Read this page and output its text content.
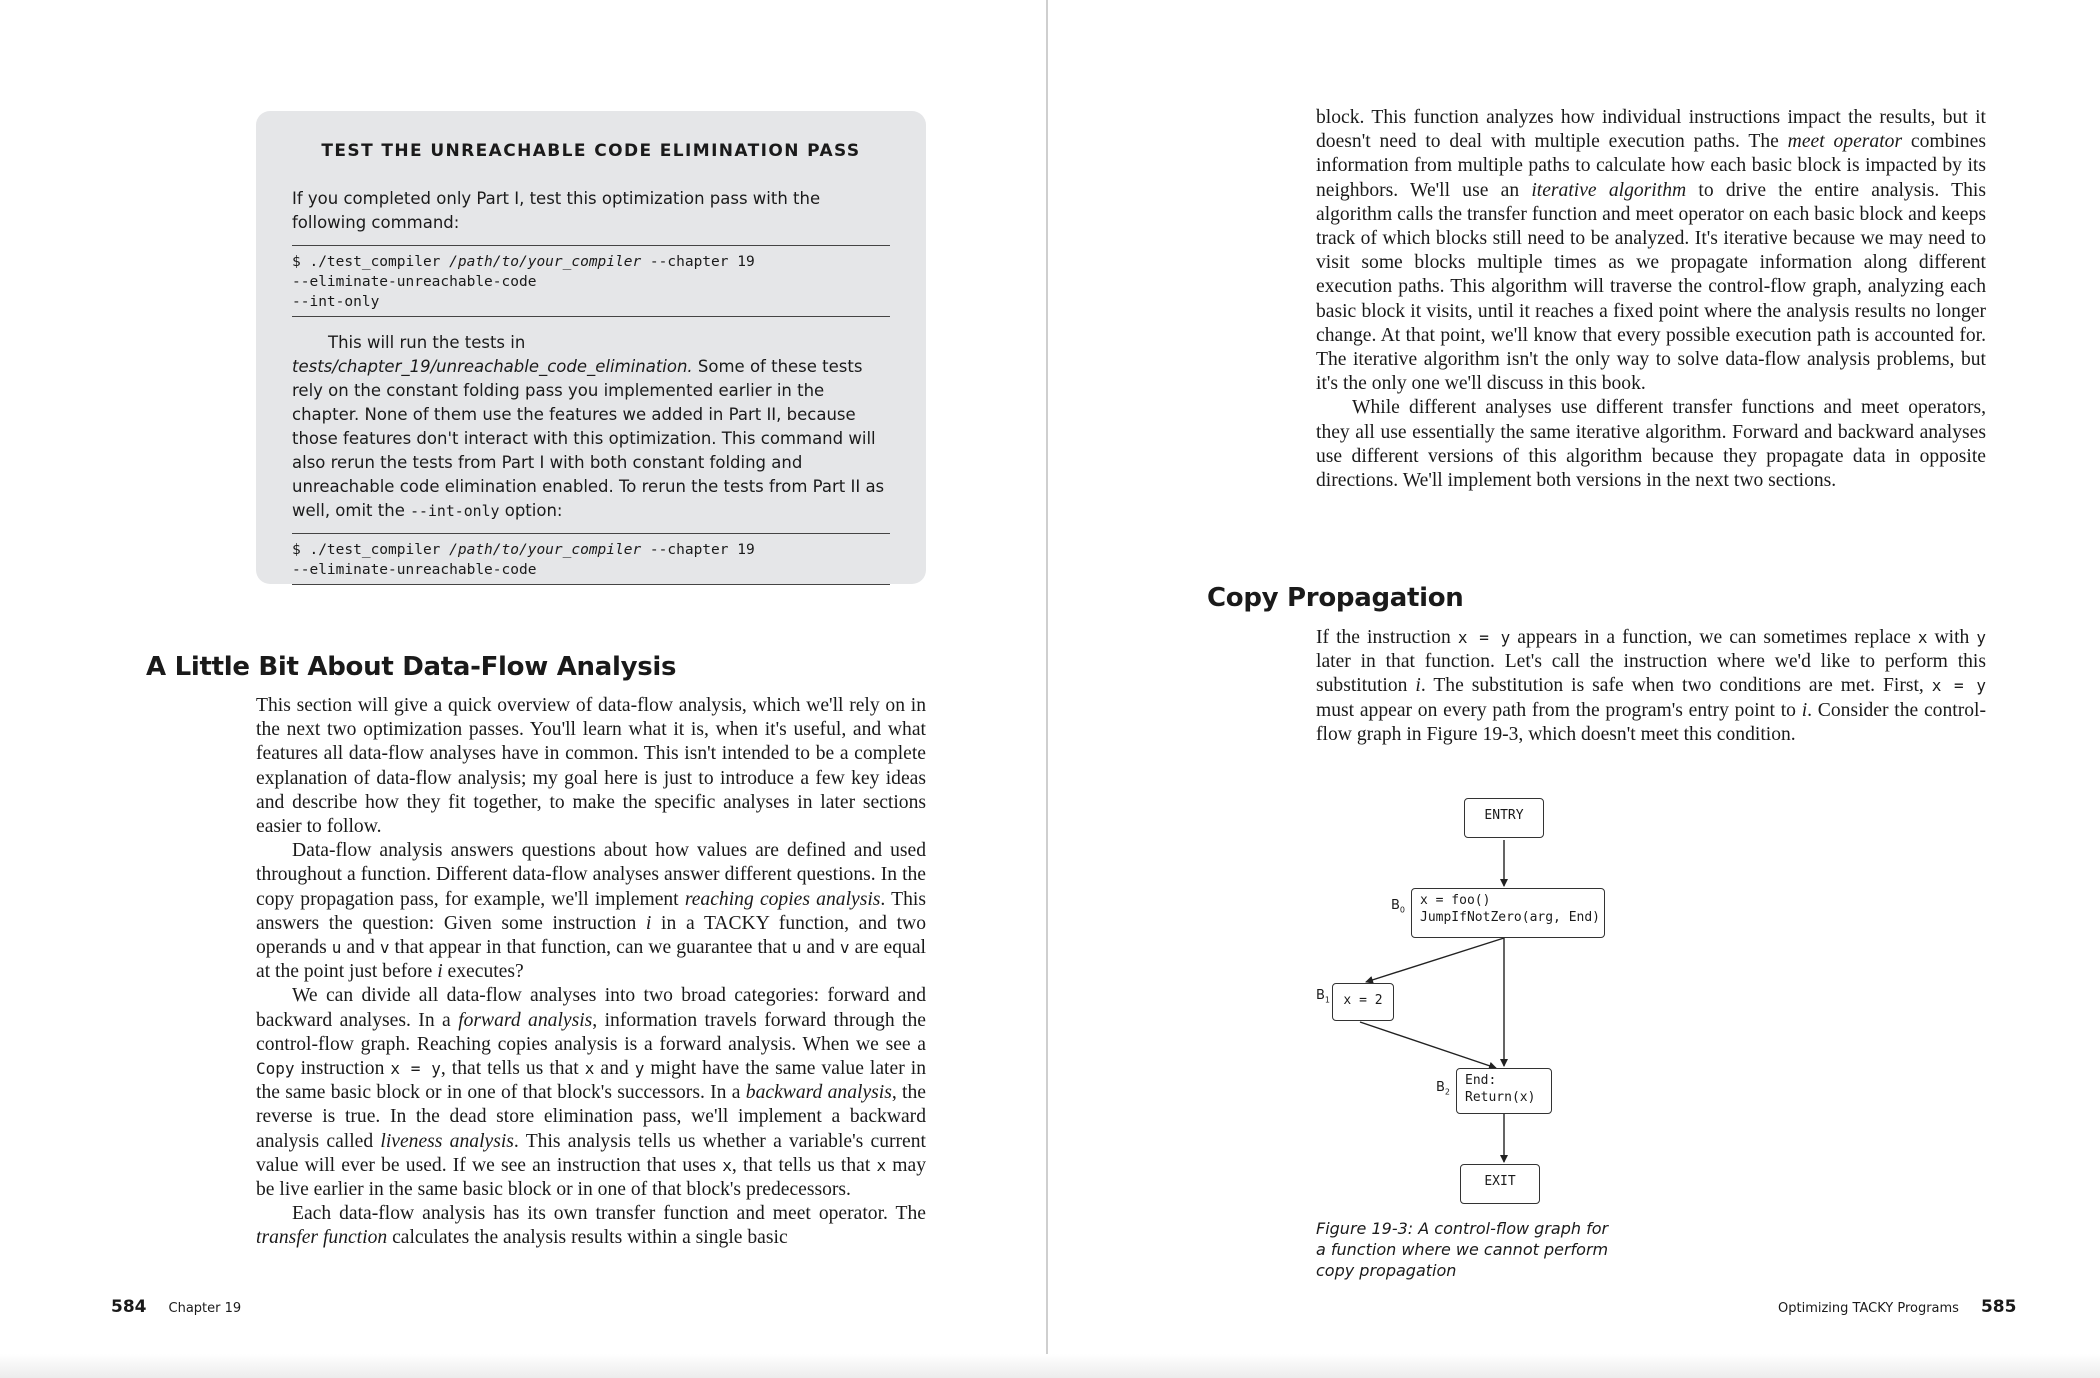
TEST THE UNREACHABLE CODE ELIMINATION PASS

If you completed only Part I, test this optimization pass with the following command:

$ ./test_compiler /path/to/your_compiler --chapter 19
--eliminate-unreachable-code
--int-only

This will run the tests in tests/chapter_19/unreachable_code_elimination. Some of these tests rely on the constant folding pass you implemented earlier in the chapter. None of them use the features we added in Part II, because those features don't interact with this optimization. This command will also rerun the tests from Part I with both constant folding and unreachable code elimination enabled. To rerun the tests from Part II as well, omit the --int-only option:

$ ./test_compiler /path/to/your_compiler --chapter 19
--eliminate-unreachable-code
A Little Bit About Data-Flow Analysis

This section will give a quick overview of data-flow analysis, which we'll rely on in the next two optimization passes. You'll learn what it is, when it's useful, and what features all data-flow analyses have in common. This isn't intended to be a complete explanation of data-flow analysis; my goal here is just to introduce a few key ideas and describe how they fit together, to make the specific analyses in later sections easier to follow.

Data-flow analysis answers questions about how values are defined and used throughout a function. Different data-flow analyses answer different questions. In the copy propagation pass, for example, we'll implement reaching copies analysis. This answers the question: Given some instruction i in a TACKY function, and two operands u and v that appear in that function, can we guarantee that u and v are equal at the point just before i executes?

We can divide all data-flow analyses into two broad categories: forward and backward analyses. In a forward analysis, information travels forward through the control-flow graph. Reaching copies analysis is a forward analysis. When we see a Copy instruction x = y, that tells us that x and y might have the same value later in the same basic block or in one of that block's successors. In a backward analysis, the reverse is true. In the dead store elimination pass, we'll implement a backward analysis called liveness analysis. This analysis tells us whether a variable's current value will ever be used. If we see an instruction that uses x, that tells us that x may be live earlier in the same basic block or in one of that block's predecessors.

Each data-flow analysis has its own transfer function and meet operator. The transfer function calculates the analysis results within a single basic

584 Chapter 19

block. This function analyzes how individual instructions impact the results, but it doesn't need to deal with multiple execution paths. The meet operator combines information from multiple paths to calculate how each basic block is impacted by its neighbors. We'll use an iterative algorithm to drive the entire analysis. This algorithm calls the transfer function and meet operator on each basic block and keeps track of which blocks still need to be analyzed. It's iterative because we may need to visit some blocks multiple times as we propagate information along different execution paths. This algorithm will traverse the control-flow graph, analyzing each basic block it visits, until it reaches a fixed point where the analysis results no longer change. At that point, we'll know that every possible execution path is accounted for. The iterative algorithm isn't the only way to solve data-flow analysis problems, but it's the only one we'll discuss in this book.

While different analyses use different transfer functions and meet operators, they all use essentially the same iterative algorithm. Forward and backward analyses use different versions of this algorithm because they propagate data in opposite directions. We'll implement both versions in the next two sections.

Copy Propagation

If the instruction x = y appears in a function, we can sometimes replace x with y later in that function. Let's call the instruction where we'd like to perform this substitution i. The substitution is safe when two conditions are met. First, x = y must appear on every path from the program's entry point to i. Consider the control-flow graph in Figure 19-3, which doesn't meet this condition.

ENTRY
$B_0$
x = foo()
JumpIfNotZero(arg, End)
$B_1$	x = 2
$B_2$
End:
Return(x)
EXIT
Figure 19-3: A control-flow graph for a function where we cannot perform copy propagation
Optimizing TACKY Programs 585
